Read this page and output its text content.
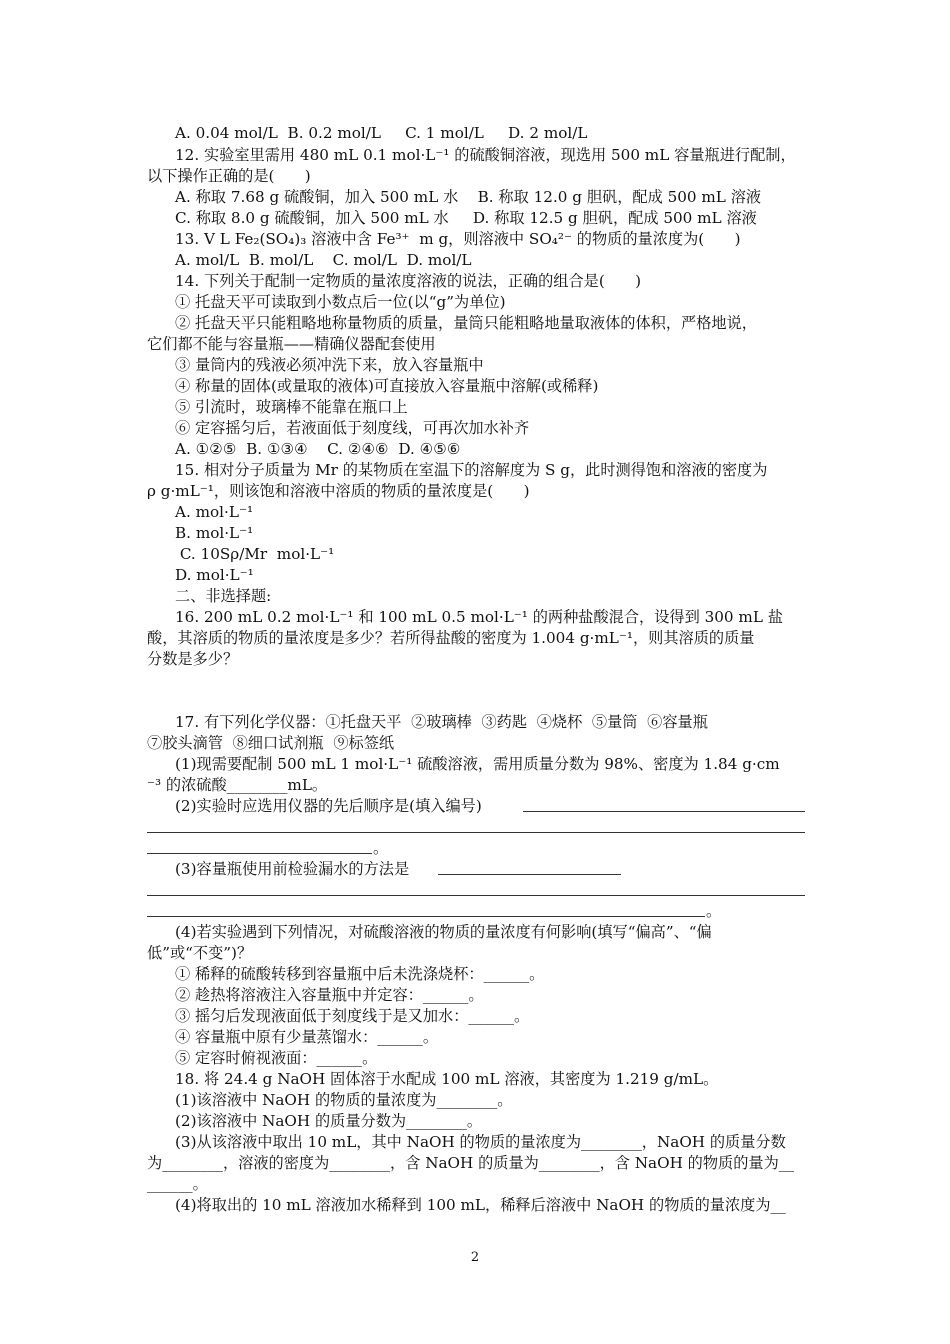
A. 0.04 mol/L  B. 0.2 mol/L     C. 1 mol/L     D. 2 mol/L
12. 实验室里需用 480 mL 0.1 mol·L⁻¹ 的硫酸铜溶液，现选用 500 mL 容量瓶进行配制，
以下操作正确的是(　　)
A. 称取 7.68 g 硫酸铜，加入 500 mL 水    B. 称取 12.0 g 胆矾，配成 500 mL 溶液
C. 称取 8.0 g 硫酸铜，加入 500 mL 水     D. 称取 12.5 g 胆矾，配成 500 mL 溶液
13. V L Fe₂(SO₄)₃ 溶液中含 Fe³⁺  m g，则溶液中 SO₄²⁻ 的物质的量浓度为(　　)
A. mol/L  B. mol/L    C. mol/L  D. mol/L
14. 下列关于配制一定物质的量浓度溶液的说法，正确的组合是(　　)
① 托盘天平可读取到小数点后一位(以“g”为单位)
② 托盘天平只能粗略地称量物质的质量，量筒只能粗略地量取液体的体积，严格地说，
它们都不能与容量瓶——精确仪器配套使用
③ 量筒内的残液必须冲洗下来，放入容量瓶中
④ 称量的固体(或量取的液体)可直接放入容量瓶中溶解(或稀释)
⑤ 引流时，玻璃棒不能靠在瓶口上
⑥ 定容摇匀后，若液面低于刻度线，可再次加水补齐
A. ①②⑤  B. ①③④    C. ②④⑥  D. ④⑤⑥
15. 相对分子质量为 Mr 的某物质在室温下的溶解度为 S g，此时测得饱和溶液的密度为
ρ g·mL⁻¹，则该饱和溶液中溶质的物质的量浓度是(　　)
A. mol·L⁻¹
B. mol·L⁻¹
C. 10Sρ/Mr  mol·L⁻¹
D. mol·L⁻¹
二、非选择题:
16. 200 mL 0.2 mol·L⁻¹ 和 100 mL 0.5 mol·L⁻¹ 的两种盐酸混合，设得到 300 mL 盐
酸，其溶质的物质的量浓度是多少？若所得盐酸的密度为 1.004 g·mL⁻¹，则其溶质的质量
分数是多少？
17. 有下列化学仪器：①托盘天平  ②玻璃棒  ③药匙  ④烧杯  ⑤量筒  ⑥容量瓶
⑦胶头滴管  ⑧细口试剂瓶  ⑨标签纸
(1)现需要配制 500 mL 1 mol·L⁻¹ 硫酸溶液，需用质量分数为 98%、密度为 1.84 g·cm
⁻³ 的浓硫酸________mL。
(2)实验时应选用仪器的先后顺序是(填入编号)
。
(3)容量瓶使用前检验漏水的方法是
。
(4)若实验遇到下列情况，对硫酸溶液的物质的量浓度有何影响(填写“偏高”、“偏
低”或“不变”)？
① 稀释的硫酸转移到容量瓶中后未洗涤烧杯：______。
② 趁热将溶液注入容量瓶中并定容：______。
③ 摇匀后发现液面低于刻度线于是又加水：______。
④ 容量瓶中原有少量蒸馏水：______。
⑤ 定容时俯视液面：______。
18. 将 24.4 g NaOH 固体溶于水配成 100 mL 溶液，其密度为 1.219 g/mL。
(1)该溶液中 NaOH 的物质的量浓度为________。
(2)该溶液中 NaOH 的质量分数为________。
(3)从该溶液中取出 10 mL，其中 NaOH 的物质的量浓度为________，NaOH 的质量分数
为________，溶液的密度为________，含 NaOH 的质量为________，含 NaOH 的物质的量为__
______。
(4)将取出的 10 mL 溶液加水稀释到 100 mL，稀释后溶液中 NaOH 的物质的量浓度为__
2
